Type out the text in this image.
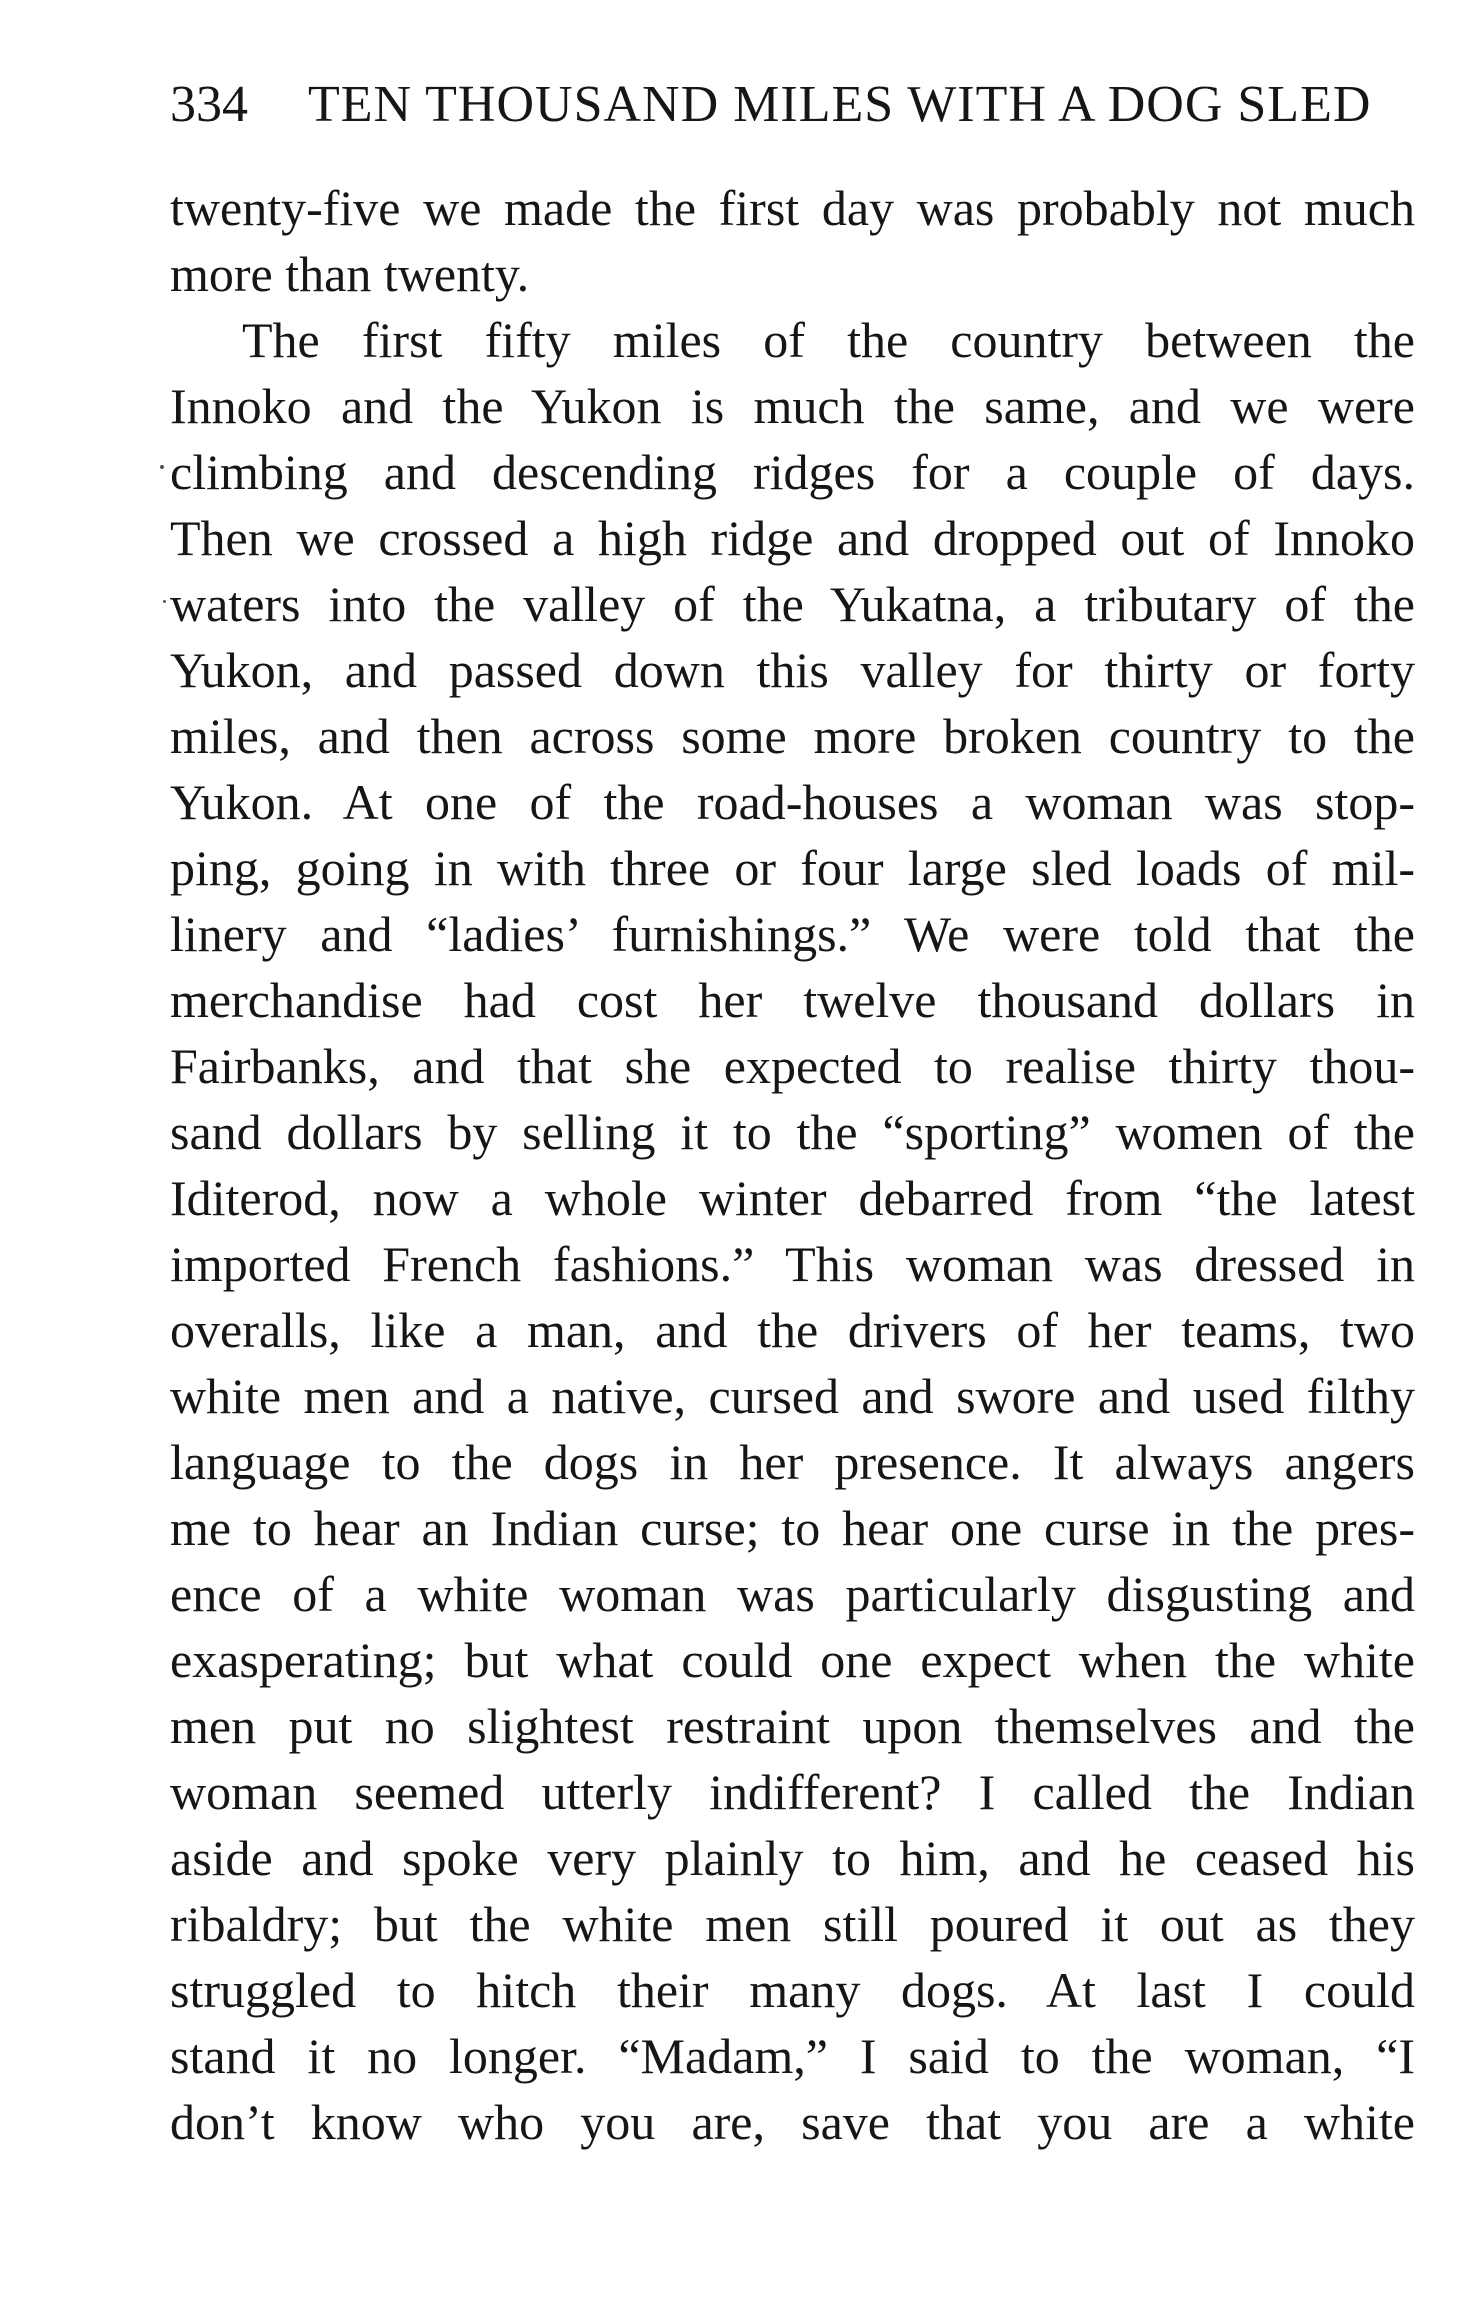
334 TEN THOUSAND MILES WITH A DOG SLED
twenty-five we made the first day was probably not much
more than twenty.
The first fifty miles of the country between the
Innoko and the Yukon is much the same, and we were
climbing and descending ridges for a couple of days.
Then we crossed a high ridge and dropped out of Innoko
waters into the valley of the Yukatna, a tributary of the
Yukon, and passed down this valley for thirty or forty
miles, and then across some more broken country to the
Yukon. At one of the road-houses a woman was stop-
ping, going in with three or four large sled loads of mil-
linery and “ladies’ furnishings.” We were told that the
merchandise had cost her twelve thousand dollars in
Fairbanks, and that she expected to realise thirty thou-
sand dollars by selling it to the “sporting” women of the
Iditerod, now a whole winter debarred from “the latest
imported French fashions.” This woman was dressed in
overalls, like a man, and the drivers of her teams, two
white men and a native, cursed and swore and used filthy
language to the dogs in her presence. It always angers
me to hear an Indian curse; to hear one curse in the pres-
ence of a white woman was particularly disgusting and
exasperating; but what could one expect when the white
men put no slightest restraint upon themselves and the
woman seemed utterly indifferent? I called the Indian
aside and spoke very plainly to him, and he ceased his
ribaldry; but the white men still poured it out as they
struggled to hitch their many dogs. At last I could
stand it no longer. “Madam,” I said to the woman, “I
don’t know who you are, save that you are a white
